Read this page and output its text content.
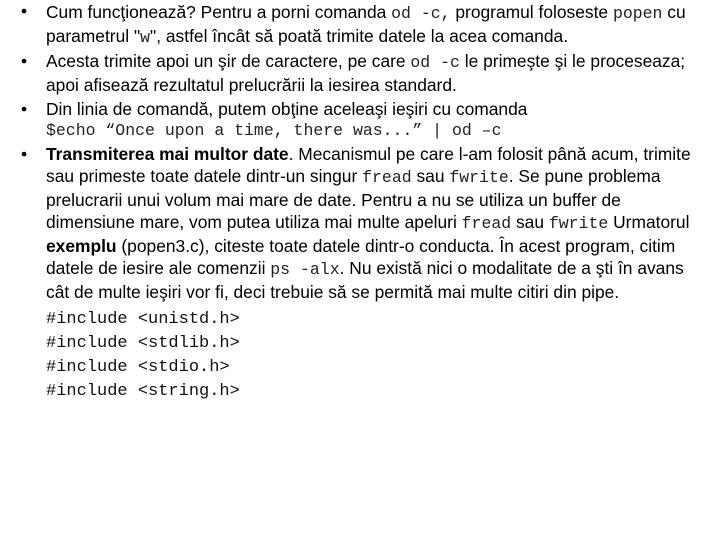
• Cum funcţionează? Pentru a porni comanda od -c, programul foloseste popen cu parametrul "w", astfel încât să poată trimite datele la acea comanda.
• Acesta trimite apoi un şir de caractere, pe care od -c le primeşte şi le proceseaza; apoi afisează rezultatul prelucrării la iesirea standard.
• Din linia de comandă, putem obţine aceleaşi ieşiri cu comanda
$echo “Once upon a time, there was...” | od –c
• Transmiterea mai multor date. Mecanismul pe care l-am folosit până acum, trimite sau primeste toate datele dintr-un singur fread sau fwrite. Se pune problema prelucrarii unui volum mai mare de date. Pentru a nu se utiliza un buffer de dimensiune mare, vom putea utiliza mai multe apeluri fread sau fwrite Urmatorul exemplu (popen3.c), citeste toate datele dintr-o conducta. În acest program, citim datele de iesire ale comenzii ps -alx. Nu există nici o modalitate de a şti în avans cât de multe ieşiri vor fi, deci trebuie să se permită mai multe citiri din pipe.
#include <unistd.h>
#include <stdlib.h>
#include <stdio.h>
#include <string.h>
